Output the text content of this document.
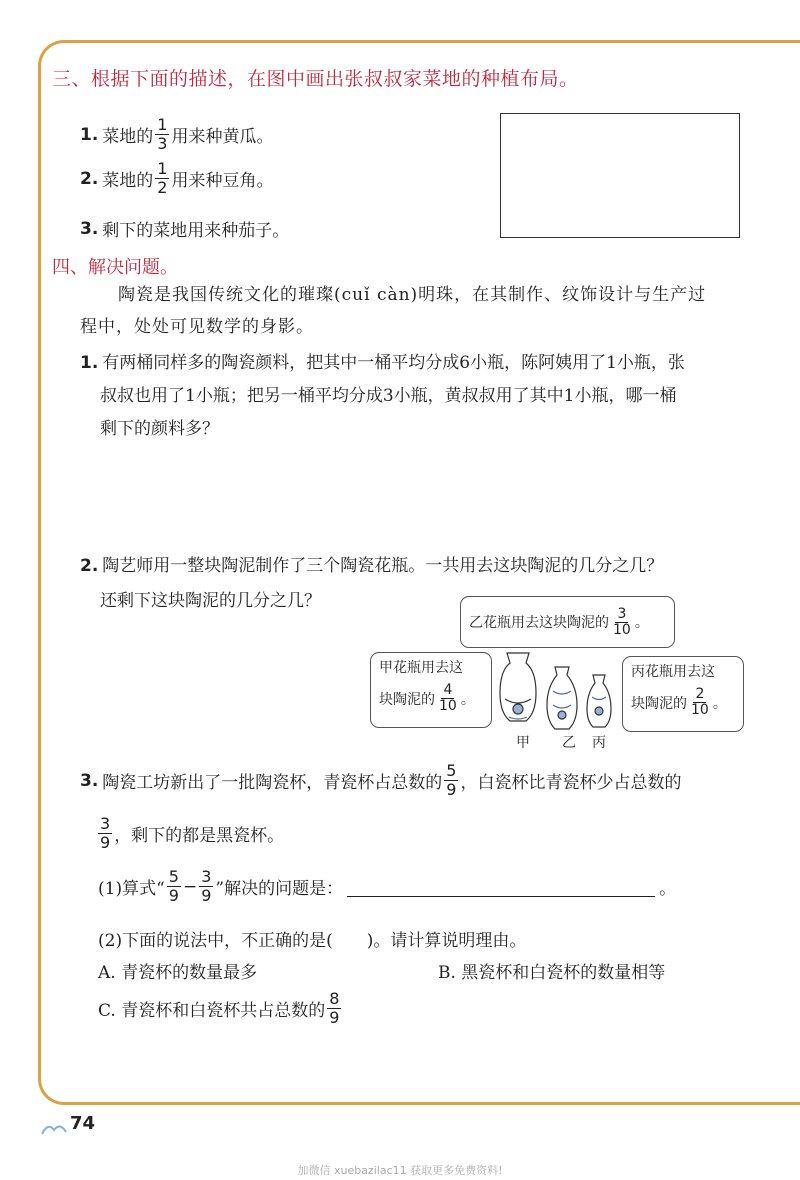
三、根据下面的描述，在图中画出张叔叔家菜地的种植布局。
1. 菜地的 $\frac{1}{3}$ 用来种黄瓜。
2. 菜地的 $\frac{1}{2}$ 用来种豆角。
3. 剩下的菜地用来种茄子。
四、解决问题。
陶瓷是我国传统文化的璀璨(cuǐ càn)明珠，在其制作、纹饰设计与生产过
程中，处处可见数学的身影。
1. 有两桶同样多的陶瓷颜料，把其中一桶平均分成6小瓶，陈阿姨用了1小瓶，张
叔叔也用了1小瓶；把另一桶平均分成3小瓶，黄叔叔用了其中1小瓶，哪一桶
剩下的颜料多？
2. 陶艺师用一整块陶泥制作了三个陶瓷花瓶。一共用去这块陶泥的几分之几？
还剩下这块陶泥的几分之几？
乙花瓶用去这块陶泥的 $\frac{3}{10}$ 。
甲花瓶用去这
块陶泥的 $\frac{4}{10}$ 。
丙花瓶用去这
块陶泥的 $\frac{2}{10}$ 。
甲 乙 丙
3. 陶瓷工坊新出了一批陶瓷杯，青瓷杯占总数的 $\frac{5}{9}$ ，白瓷杯比青瓷杯少占总数的
$\frac{3}{9}$ ，剩下的都是黑瓷杯。
(1)算式“ $\frac{5}{9} - \frac{3}{9}$ ”解决的问题是：	。
(2)下面的说法中，不正确的是(　　)。请计算说明理由。
A. 青瓷杯的数量最多	B. 黑瓷杯和白瓷杯的数量相等
C. 青瓷杯和白瓷杯共占总数的 $\frac{8}{9}$
74
加微信 xuebazilac11 获取更多免费资料!
